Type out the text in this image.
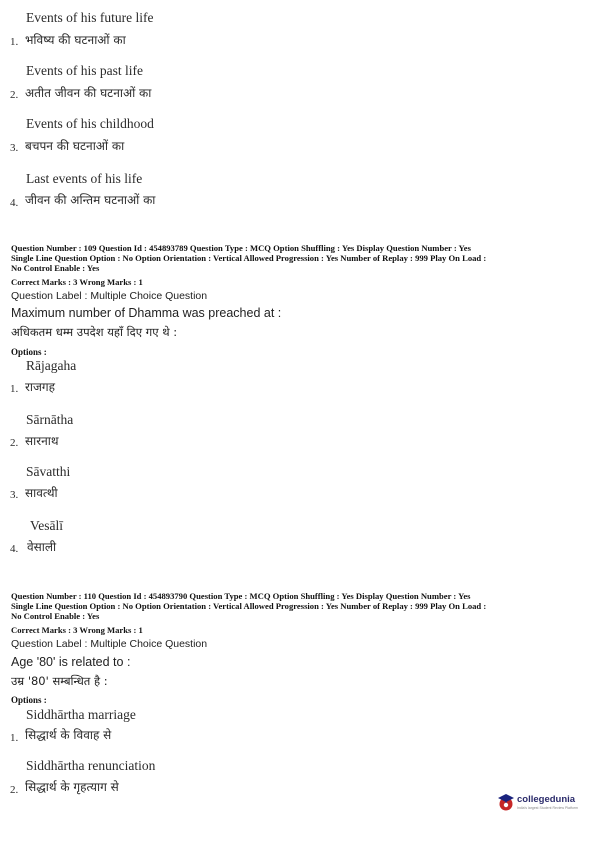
Events of his future life
1. भविष्य की घटनाओं का
Events of his past life
2. अतीत जीवन की घटनाओं का
Events of his childhood
3. बचपन की घटनाओं का
Last events of his life
4. जीवन की अन्तिम घटनाओं का
Question Number : 109 Question Id : 454893789 Question Type : MCQ Option Shuffling : Yes Display Question Number : Yes
Single Line Question Option : No Option Orientation : Vertical Allowed Progression : Yes Number of Replay : 999 Play On Load :
No Control Enable : Yes
Correct Marks : 3 Wrong Marks : 1
Question Label : Multiple Choice Question
Maximum number of Dhamma was preached at :
अधिकतम धम्म उपदेश यहाँ दिए गए थे :
Options :
Rājagaha
1. राजगह
Sārnātha
2. सारनाथ
Sāvatthi
3. सावत्थी
Vesālī
4. वेसाली
Question Number : 110 Question Id : 454893790 Question Type : MCQ Option Shuffling : Yes Display Question Number : Yes
Single Line Question Option : No Option Orientation : Vertical Allowed Progression : Yes Number of Replay : 999 Play On Load :
No Control Enable : Yes
Correct Marks : 3 Wrong Marks : 1
Question Label : Multiple Choice Question
Age '80' is related to :
उम्र '80' सम्बन्धित है :
Options :
Siddhārtha marriage
1. सिद्धार्थ के विवाह से
Siddhārtha renunciation
2. सिद्धार्थ के गृहत्याग से
collegedunia
India's largest Student Review Platform
